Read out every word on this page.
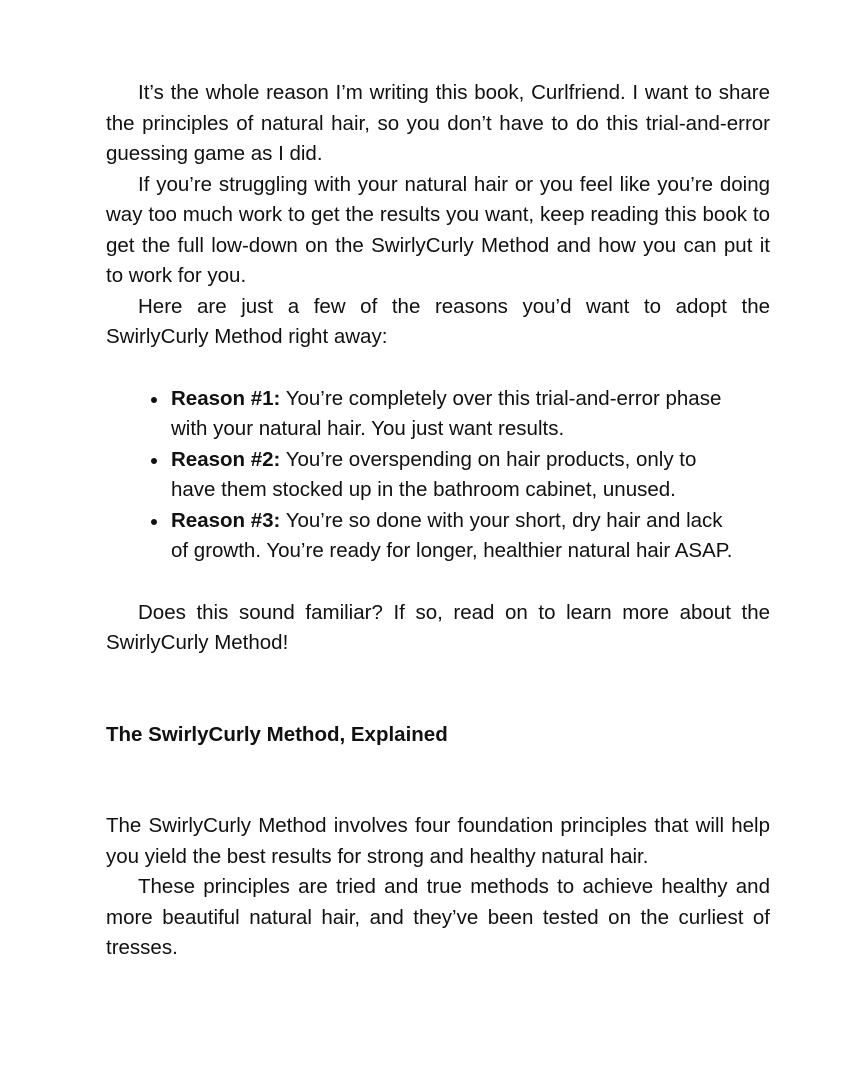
It’s the whole reason I’m writing this book, Curlfriend. I want to share the principles of natural hair, so you don’t have to do this trial-and-error guessing game as I did.

If you’re struggling with your natural hair or you feel like you’re doing way too much work to get the results you want, keep reading this book to get the full low-down on the SwirlyCurly Method and how you can put it to work for you.

Here are just a few of the reasons you’d want to adopt the SwirlyCurly Method right away:

Reason #1: You’re completely over this trial-and-error phase with your natural hair. You just want results.
Reason #2: You’re overspending on hair products, only to have them stocked up in the bathroom cabinet, unused.
Reason #3: You’re so done with your short, dry hair and lack of growth. You’re ready for longer, healthier natural hair ASAP.

Does this sound familiar? If so, read on to learn more about the SwirlyCurly Method!

The SwirlyCurly Method, Explained

The SwirlyCurly Method involves four foundation principles that will help you yield the best results for strong and healthy natural hair.

These principles are tried and true methods to achieve healthy and more beautiful natural hair, and they’ve been tested on the curliest of tresses.
